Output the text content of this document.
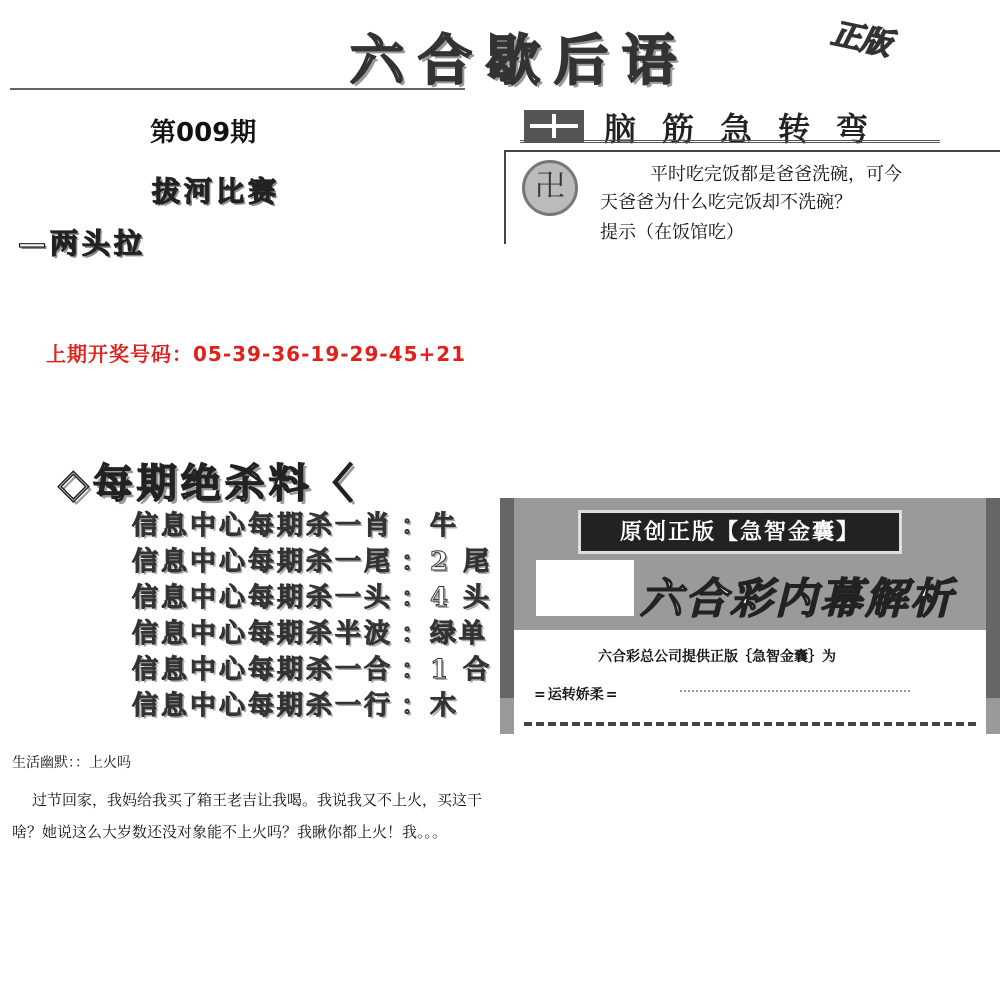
六合歇后语	正版
第009期
拔河比赛
—两头拉
上期开奖号码：05-39-36-19-29-45+21
◇每期绝杀料〈
信息中心每期杀一肖 ：牛
信息中心每期杀一尾 ：2 尾
信息中心每期杀一头 ：4 头
信息中心每期杀半波 ：绿单
信息中心每期杀一合 ：1 合
信息中心每期杀一行 ：木
生活幽默：：上火吗
过节回家，我妈给我买了箱王老吉让我喝。我说我又不上火，买这干啥？她说这么大岁数还没对象能不上火吗？我瞅你都上火！我。。。
脑筋急转弯
卍	平时吃完饭都是爸爸洗碗，可今
天爸爸为什么吃完饭却不洗碗？
提示（在饭馆吃）
原创正版【急智金囊】
六合彩内幕解析
六合彩总公司提供正版｛急智金囊｝为
= 运转娇柔 =
